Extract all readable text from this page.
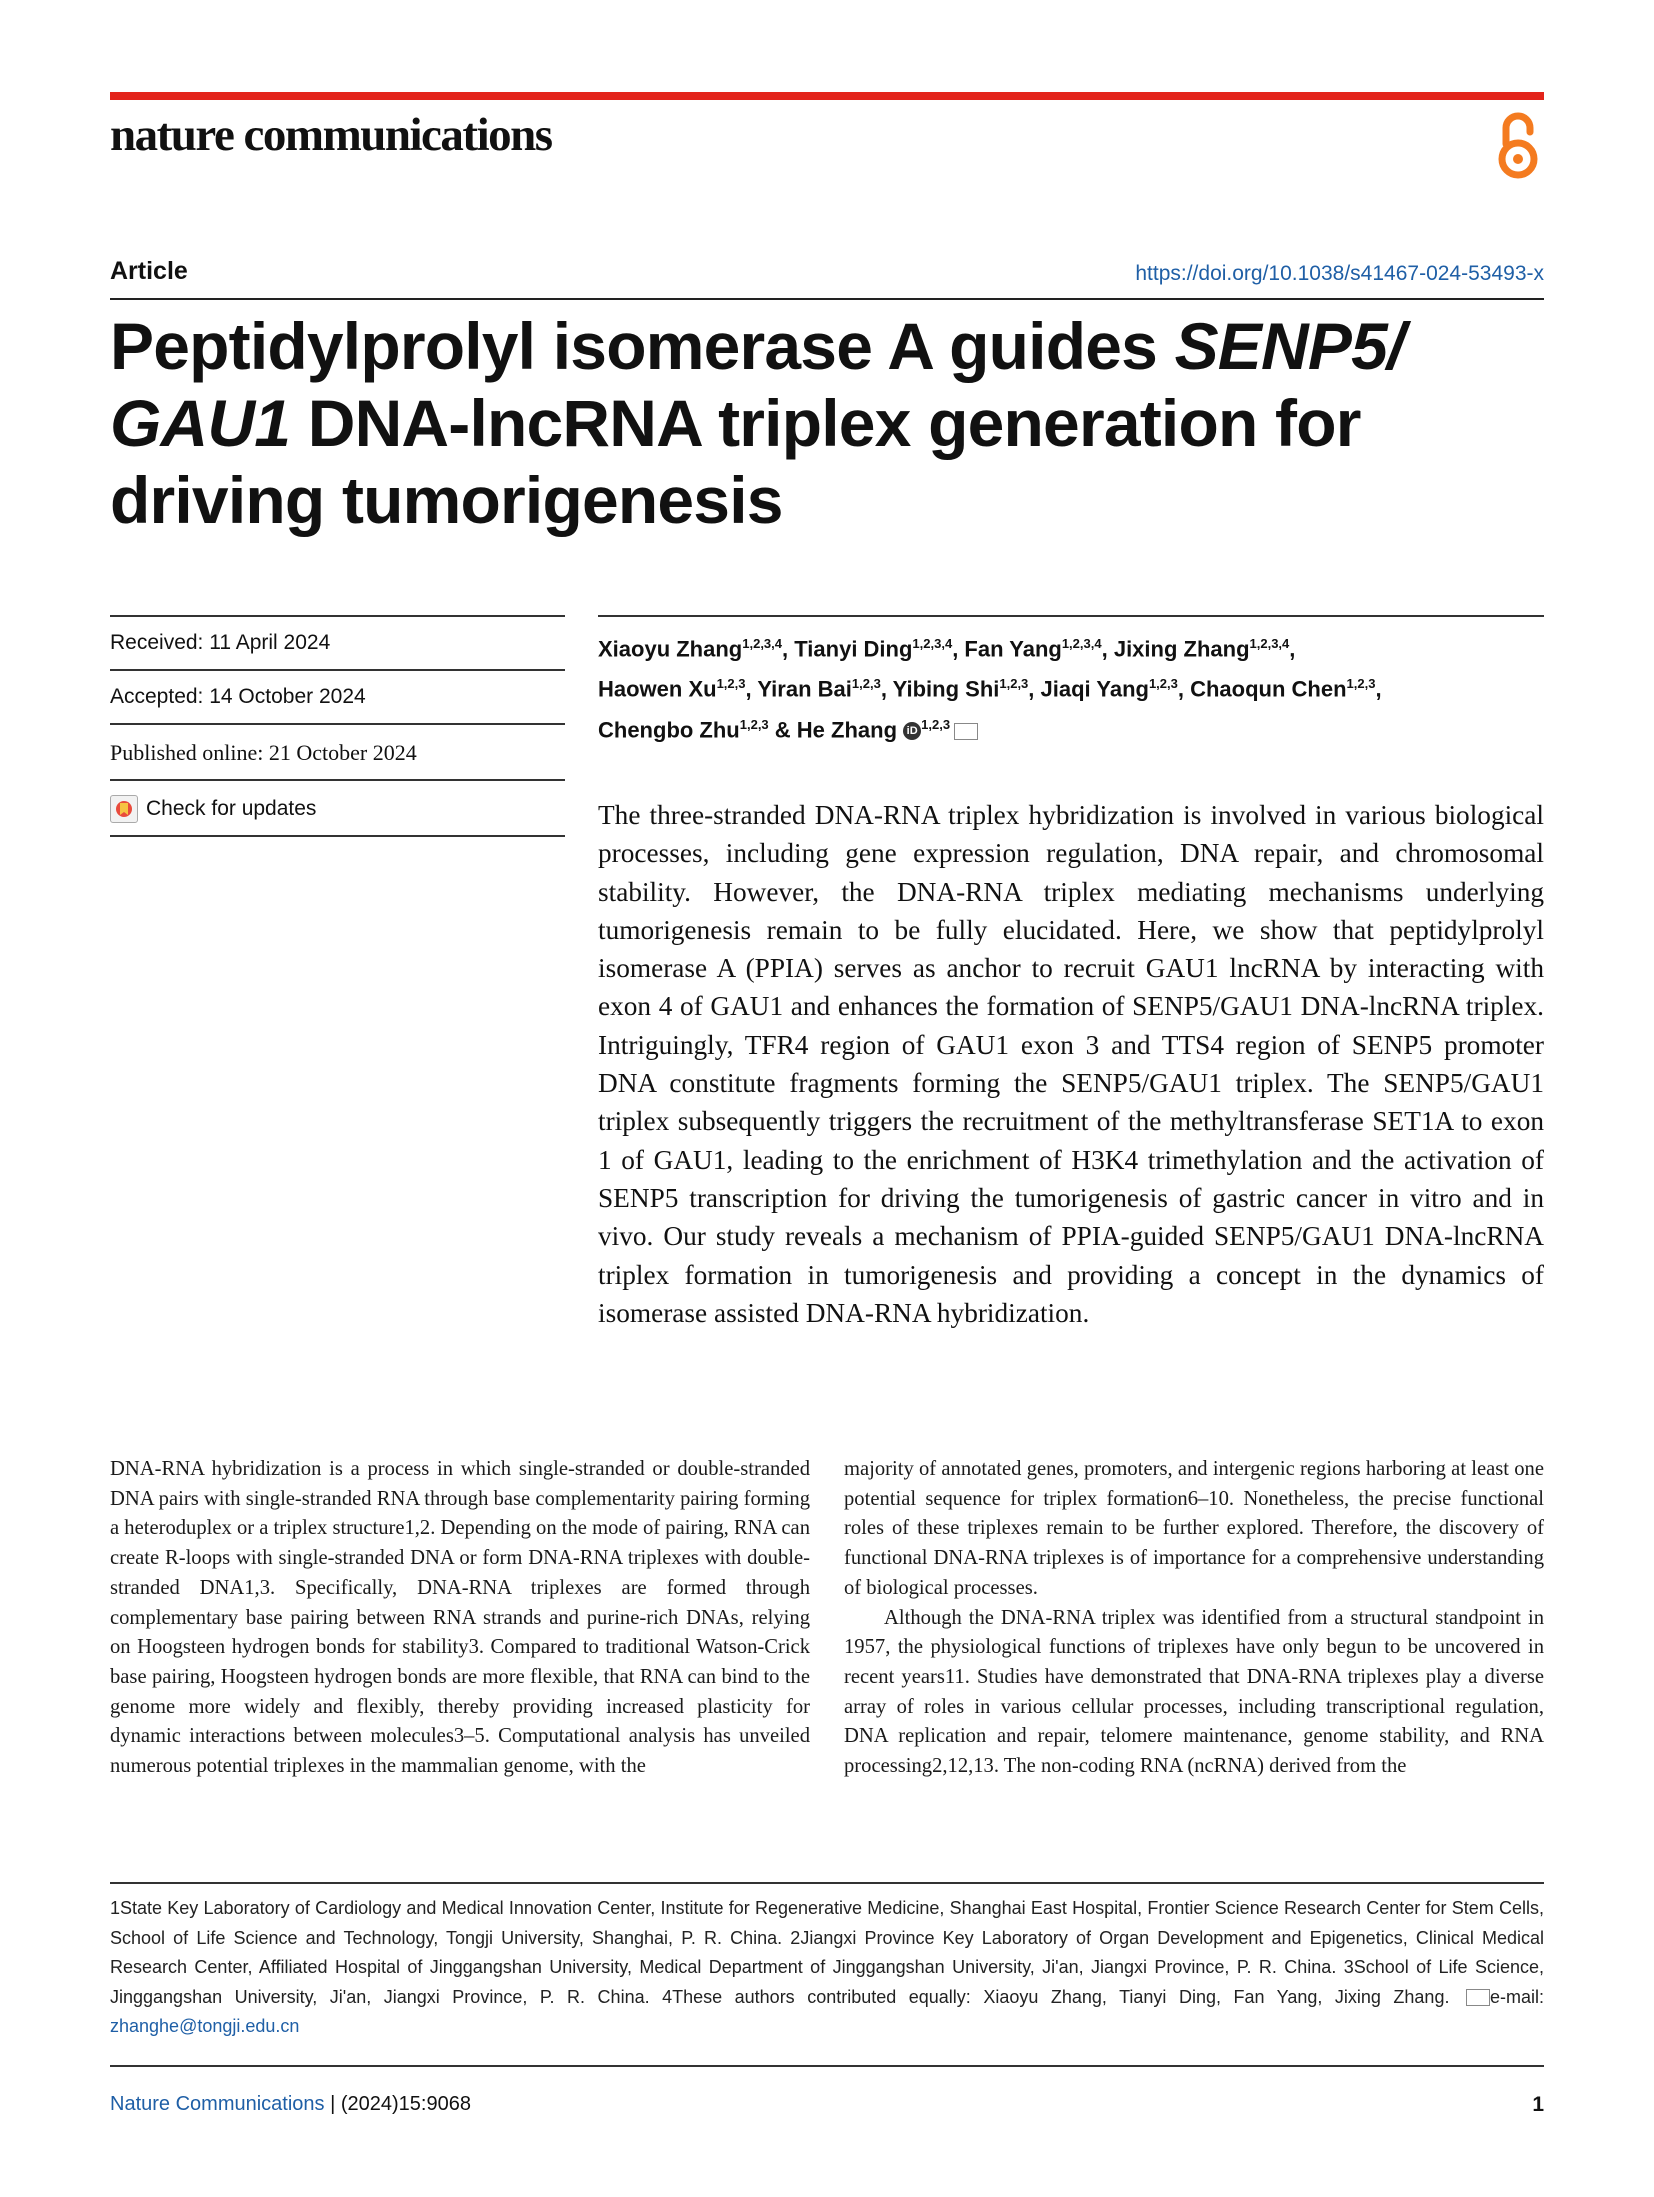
nature communications
Article	https://doi.org/10.1038/s41467-024-53493-x
Peptidylprolyl isomerase A guides SENP5/
GAU1 DNA-lncRNA triplex generation for driving tumorigenesis
Received: 11 April 2024
Accepted: 14 October 2024
Published online: 21 October 2024
Check for updates
Xiaoyu Zhang$^{1,2,3,4}$, Tianyi Ding$^{1,2,3,4}$, Fan Yang$^{1,2,3,4}$, Jixing Zhang$^{1,2,3,4}$,
Haowen Xu$^{1,2,3}$, Yiran Bai$^{1,2,3}$, Yibing Shi$^{1,2,3}$, Jiaqi Yang$^{1,2,3}$, Chaoqun Chen$^{1,2,3}$,
Chengbo Zhu$^{1,2,3}$ & He Zhang iD $^{1,2,3}$

The three-stranded DNA-RNA triplex hybridization is involved in various biological processes, including gene expression regulation, DNA repair, and chromosomal stability. However, the DNA-RNA triplex mediating mechanisms underlying tumorigenesis remain to be fully elucidated. Here, we show that peptidylprolyl isomerase A (PPIA) serves as anchor to recruit GAU1 lncRNA by interacting with exon 4 of GAU1 and enhances the formation of SENP5/GAU1 DNA-lncRNA triplex. Intriguingly, TFR4 region of GAU1 exon 3 and TTS4 region of SENP5 promoter DNA constitute fragments forming the SENP5/GAU1 triplex. The SENP5/GAU1 triplex subsequently triggers the recruitment of the methyltransferase SET1A to exon 1 of GAU1, leading to the enrichment of H3K4 trimethylation and the activation of SENP5 transcription for driving the tumorigenesis of gastric cancer in vitro and in vivo. Our study reveals a mechanism of PPIA-guided SENP5/GAU1 DNA-lncRNA triplex formation in tumorigenesis and providing a concept in the dynamics of isomerase assisted DNA-RNA hybridization.

DNA-RNA hybridization is a process in which single-stranded or double-stranded DNA pairs with single-stranded RNA through base complementarity pairing forming a heteroduplex or a triplex structure1,2. Depending on the mode of pairing, RNA can create R-loops with single-stranded DNA or form DNA-RNA triplexes with double-stranded DNA1,3. Specifically, DNA-RNA triplexes are formed through complementary base pairing between RNA strands and purine-rich DNAs, relying on Hoogsteen hydrogen bonds for stability3. Compared to traditional Watson-Crick base pairing, Hoogsteen hydrogen bonds are more flexible, that RNA can bind to the genome more widely and flexibly, thereby providing increased plasticity for dynamic interactions between molecules3–5. Computational analysis has unveiled numerous potential triplexes in the mammalian genome, with the

majority of annotated genes, promoters, and intergenic regions harboring at least one potential sequence for triplex formation6–10. Nonetheless, the precise functional roles of these triplexes remain to be further explored. Therefore, the discovery of functional DNA-RNA triplexes is of importance for a comprehensive understanding of biological processes.

Although the DNA-RNA triplex was identified from a structural standpoint in 1957, the physiological functions of triplexes have only begun to be uncovered in recent years11. Studies have demonstrated that DNA-RNA triplexes play a diverse array of roles in various cellular processes, including transcriptional regulation, DNA replication and repair, telomere maintenance, genome stability, and RNA processing2,12,13. The non-coding RNA (ncRNA) derived from the

1State Key Laboratory of Cardiology and Medical Innovation Center, Institute for Regenerative Medicine, Shanghai East Hospital, Frontier Science Research Center for Stem Cells, School of Life Science and Technology, Tongji University, Shanghai, P. R. China. 2Jiangxi Province Key Laboratory of Organ Development and Epigenetics, Clinical Medical Research Center, Affiliated Hospital of Jinggangshan University, Medical Department of Jinggangshan University, Ji'an, Jiangxi Province, P. R. China. 3School of Life Science, Jinggangshan University, Ji'an, Jiangxi Province, P. R. China. 4These authors contributed equally: Xiaoyu Zhang, Tianyi Ding, Fan Yang, Jixing Zhang. e-mail: zhanghe@tongji.edu.cn

Nature Communications | (2024)15:9068	1
